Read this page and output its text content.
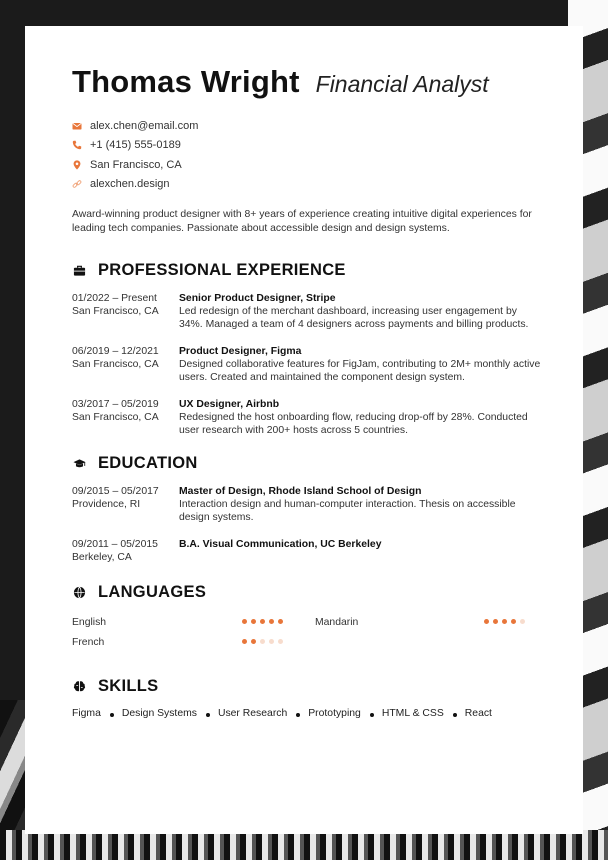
Thomas Wright Financial Analyst
alex.chen@email.com
+1 (415) 555-0189
San Francisco, CA
alexchen.design
Award-winning product designer with 8+ years of experience creating intuitive digital experiences for leading tech companies. Passionate about accessible design and design systems.
PROFESSIONAL EXPERIENCE
01/2022 – Present
San Francisco, CA
Senior Product Designer, Stripe
Led redesign of the merchant dashboard, increasing user engagement by 34%. Managed a team of 4 designers across payments and billing products.
06/2019 – 12/2021
San Francisco, CA
Product Designer, Figma
Designed collaborative features for FigJam, contributing to 2M+ monthly active users. Created and maintained the component design system.
03/2017 – 05/2019
San Francisco, CA
UX Designer, Airbnb
Redesigned the host onboarding flow, reducing drop-off by 28%. Conducted user research with 200+ hosts across 5 countries.
EDUCATION
09/2015 – 05/2017
Providence, RI
Master of Design, Rhode Island School of Design
Interaction design and human-computer interaction. Thesis on accessible design systems.
09/2011 – 05/2015
Berkeley, CA
B.A. Visual Communication, UC Berkeley
LANGUAGES
English	Mandarin
French
SKILLS
Figma Design Systems User Research Prototyping HTML & CSS React
